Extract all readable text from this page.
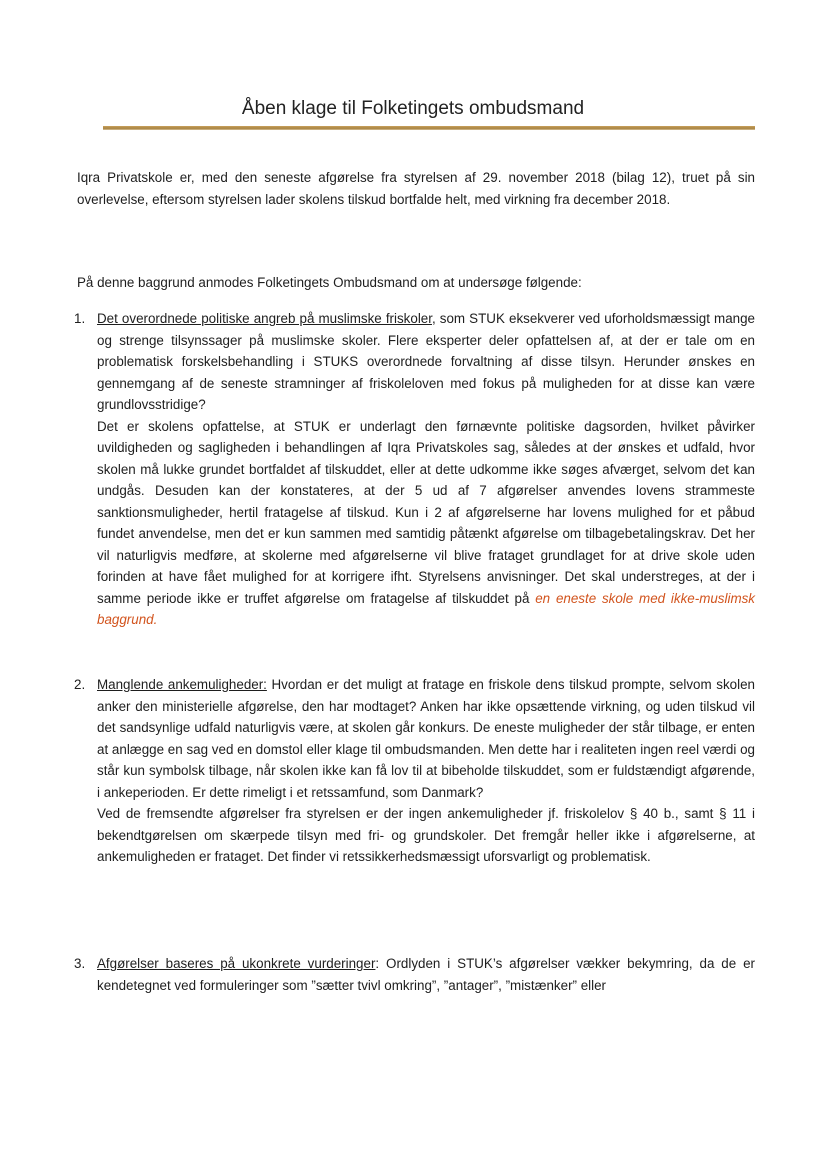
Åben klage til Folketingets ombudsmand

Iqra Privatskole er, med den seneste afgørelse fra styrelsen af 29. november 2018 (bilag 12), truet på sin overlevelse, eftersom styrelsen lader skolens tilskud bortfalde helt, med virkning fra december 2018.

På denne baggrund anmodes Folketingets Ombudsmand om at undersøge følgende:

1. Det overordnede politiske angreb på muslimske friskoler, som STUK eksekverer ved uforholdsmæssigt mange og strenge tilsynssager på muslimske skoler. Flere eksperter deler opfattelsen af, at der er tale om en problematisk forskelsbehandling i STUKS overordnede forvaltning af disse tilsyn. Herunder ønskes en gennemgang af de seneste stramninger af friskoleloven med fokus på muligheden for at disse kan være grundlovsstridige?

Det er skolens opfattelse, at STUK er underlagt den førnævnte politiske dagsorden, hvilket påvirker uvildigheden og sagligheden i behandlingen af Iqra Privatskoles sag, således at der ønskes et udfald, hvor skolen må lukke grundet bortfaldet af tilskuddet, eller at dette udkomme ikke søges afværget, selvom det kan undgås. Desuden kan der konstateres, at der 5 ud af 7 afgørelser anvendes lovens strammeste sanktionsmuligheder, hertil fratagelse af tilskud. Kun i 2 af afgørelserne har lovens mulighed for et påbud fundet anvendelse, men det er kun sammen med samtidig påtænkt afgørelse om tilbagebetalingskrav. Det her vil naturligvis medføre, at skolerne med afgørelserne vil blive frataget grundlaget for at drive skole uden forinden at have fået mulighed for at korrigere ifht. Styrelsens anvisninger. Det skal understreges, at der i samme periode ikke er truffet afgørelse om fratagelse af tilskuddet på en eneste skole med ikke-muslimsk baggrund.

2. Manglende ankemuligheder: Hvordan er det muligt at fratage en friskole dens tilskud prompte, selvom skolen anker den ministerielle afgørelse, den har modtaget? Anken har ikke opsættende virkning, og uden tilskud vil det sandsynlige udfald naturligvis være, at skolen går konkurs. De eneste muligheder der står tilbage, er enten at anlægge en sag ved en domstol eller klage til ombudsmanden. Men dette har i realiteten ingen reel værdi og står kun symbolsk tilbage, når skolen ikke kan få lov til at bibeholde tilskuddet, som er fuldstændigt afgørende, i ankeperioden. Er dette rimeligt i et retssamfund, som Danmark?

Ved de fremsendte afgørelser fra styrelsen er der ingen ankemuligheder jf. friskolelov § 40 b., samt § 11 i bekendtgørelsen om skærpede tilsyn med fri- og grundskoler. Det fremgår heller ikke i afgørelserne, at ankemuligheden er frataget. Det finder vi retssikkerhedsmæssigt uforsvarligt og problematisk.

3. Afgørelser baseres på ukonkrete vurderinger: Ordlyden i STUK’s afgørelser vækker bekymring, da de er kendetegnet ved formuleringer som ”sætter tvivl omkring”, ”antager”, ”mistænker” eller
